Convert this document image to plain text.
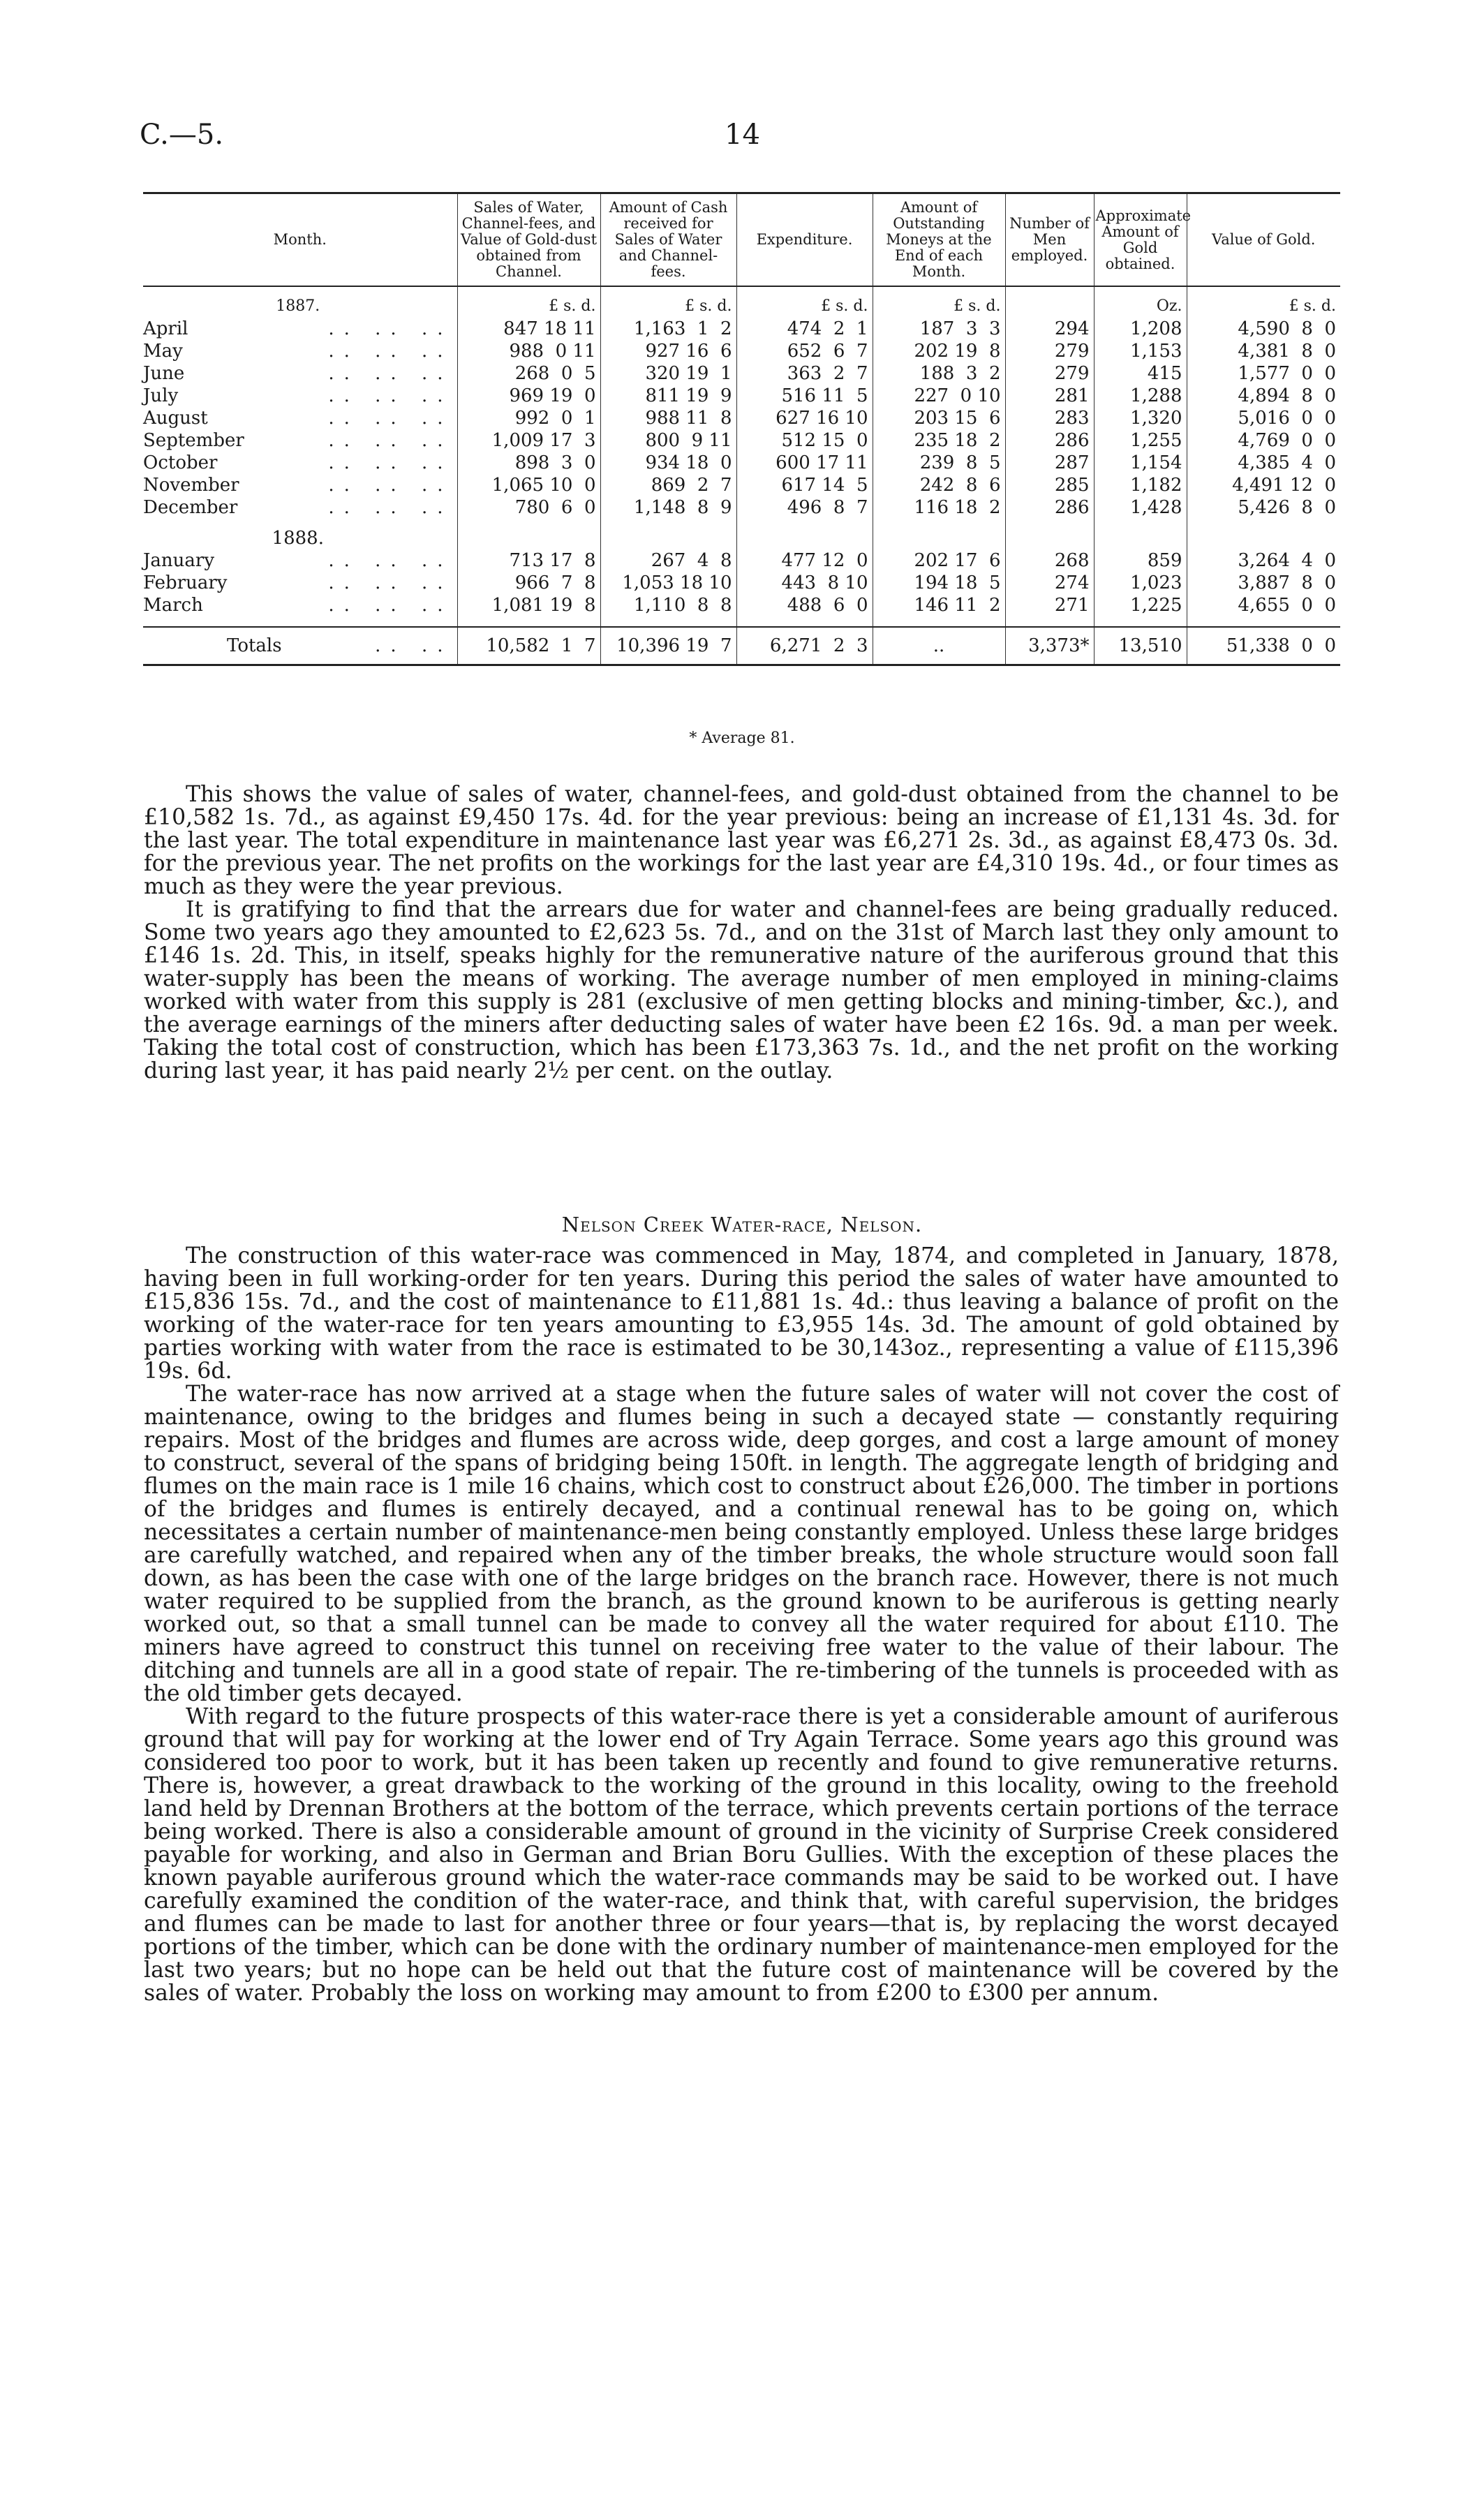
C.—5.	14
Month.	Sales of Water, Channel-fees, and Value of Gold-dust obtained from Channel.	Amount of Cash received for Sales of Water and Channel-fees.	Expenditure.	Amount of Outstanding Moneys at the End of each Month.	Number of Men employed.	Approximate Amount of Gold obtained.	Value of Gold.
1887.	£ s. d.	£ s. d.	£ s. d.	£ s. d.		Oz.	£ s. d.

April .. .. ..	847 18 11	1,163  1  2	474  2  1	187  3  3	294	1,208	4,590  8  0

May .. .. ..	988  0 11	927 16  6	652  6  7	202 19  8	279	1,153	4,381  8  0

June .. .. ..	268  0  5	320 19  1	363  2  7	188  3  2	279	415	1,577  0  0

July .. .. ..	969 19  0	811 19  9	516 11  5	227  0 10	281	1,288	4,894  8  0

August .. .. ..	992  0  1	988 11  8	627 16 10	203 15  6	283	1,320	5,016  0  0

September .. .. ..	1,009 17  3	800  9 11	512 15  0	235 18  2	286	1,255	4,769  0  0

October .. .. ..	898  3  0	934 18  0	600 17 11	239  8  5	287	1,154	4,385  4  0

November .. .. ..	1,065 10  0	869  2  7	617 14  5	242  8  6	285	1,182	4,491 12  0

December .. .. ..	780  6  0	1,148  8  9	496  8  7	116 18  2	286	1,428	5,426  8  0
1888.							

January .. .. ..	713 17  8	267  4  8	477 12  0	202 17  6	268	859	3,264  4  0

February .. .. ..	966  7  8	1,053 18 10	443  8 10	194 18  5	274	1,023	3,887  8  0

March .. .. ..	1,081 19  8	1,110  8  8	488  6  0	146 11  2	271	1,225	4,655  0  0

Totals .. ..	10,582  1  7	10,396 19  7	6,271  2  3	..	3,373*	13,510	51,338  0  0
* Average 81.

This shows the value of sales of water, channel-fees, and gold-dust obtained from the channel to be £10,582 1s. 7d., as against £9,450 17s. 4d. for the year previous: being an increase of £1,131 4s. 3d. for the last year. The total expenditure in maintenance last year was £6,271 2s. 3d., as against £8,473 0s. 3d. for the previous year. The net profits on the workings for the last year are £4,310 19s. 4d., or four times as much as they were the year previous.

It is gratifying to find that the arrears due for water and channel-fees are being gradually reduced. Some two years ago they amounted to £2,623 5s. 7d., and on the 31st of March last they only amount to £146 1s. 2d. This, in itself, speaks highly for the remunerative nature of the auriferous ground that this water-supply has been the means of working. The average number of men employed in mining-claims worked with water from this supply is 281 (exclusive of men getting blocks and mining-timber, &c.), and the average earnings of the miners after deducting sales of water have been £2 16s. 9d. a man per week. Taking the total cost of construction, which has been £173,363 7s. 1d., and the net profit on the working during last year, it has paid nearly 2½ per cent. on the outlay.

Nelson Creek Water-race, Nelson.

The construction of this water-race was commenced in May, 1874, and completed in January, 1878, having been in full working-order for ten years. During this period the sales of water have amounted to £15,836 15s. 7d., and the cost of maintenance to £11,881 1s. 4d.: thus leaving a balance of profit on the working of the water-race for ten years amounting to £3,955 14s. 3d. The amount of gold obtained by parties working with water from the race is estimated to be 30,143oz., representing a value of £115,396 19s. 6d.

The water-race has now arrived at a stage when the future sales of water will not cover the cost of maintenance, owing to the bridges and flumes being in such a decayed state — constantly requiring repairs. Most of the bridges and flumes are across wide, deep gorges, and cost a large amount of money to construct, several of the spans of bridging being 150ft. in length. The aggregate length of bridging and flumes on the main race is 1 mile 16 chains, which cost to construct about £26,000. The timber in portions of the bridges and flumes is entirely decayed, and a continual renewal has to be going on, which necessitates a certain number of maintenance-men being constantly employed. Unless these large bridges are carefully watched, and repaired when any of the timber breaks, the whole structure would soon fall down, as has been the case with one of the large bridges on the branch race. However, there is not much water required to be supplied from the branch, as the ground known to be auriferous is getting nearly worked out, so that a small tunnel can be made to convey all the water required for about £110. The miners have agreed to construct this tunnel on receiving free water to the value of their labour. The ditching and tunnels are all in a good state of repair. The re-timbering of the tunnels is proceeded with as the old timber gets decayed.

With regard to the future prospects of this water-race there is yet a considerable amount of auriferous ground that will pay for working at the lower end of Try Again Terrace. Some years ago this ground was considered too poor to work, but it has been taken up recently and found to give remunerative returns. There is, however, a great drawback to the working of the ground in this locality, owing to the freehold land held by Drennan Brothers at the bottom of the terrace, which prevents certain portions of the terrace being worked. There is also a considerable amount of ground in the vicinity of Surprise Creek considered payable for working, and also in German and Brian Boru Gullies. With the exception of these places the known payable auriferous ground which the water-race commands may be said to be worked out. I have carefully examined the condition of the water-race, and think that, with careful supervision, the bridges and flumes can be made to last for another three or four years—that is, by replacing the worst decayed portions of the timber, which can be done with the ordinary number of maintenance-men employed for the last two years; but no hope can be held out that the future cost of maintenance will be covered by the sales of water. Probably the loss on working may amount to from £200 to £300 per annum.
